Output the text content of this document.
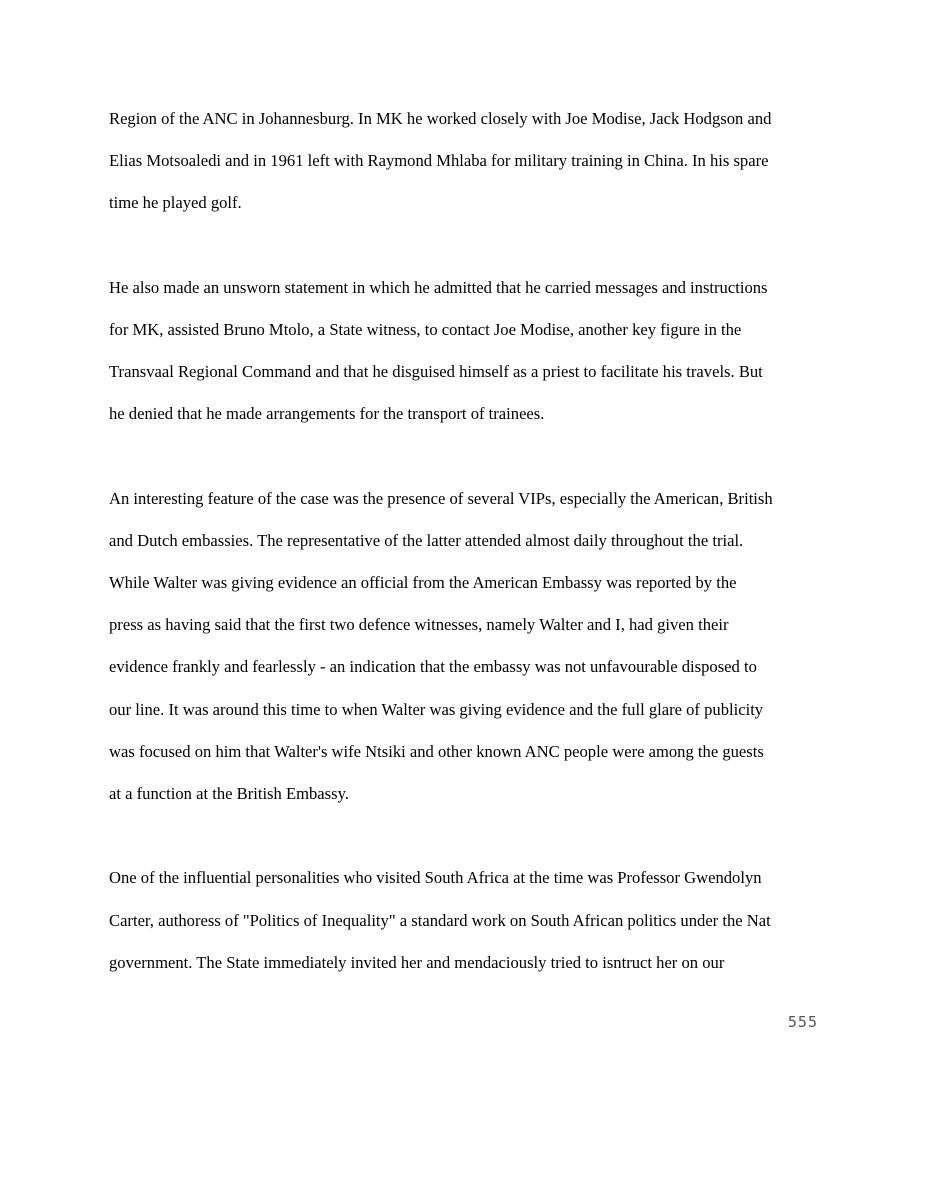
Region of the ANC in Johannesburg. In MK he worked closely with Joe Modise, Jack Hodgson and
Elias Motsoaledi and in 1961 left with Raymond Mhlaba for military training in China. In his spare
time he played golf.

He also made an unsworn statement in which he admitted that he carried messages and instructions
for MK, assisted Bruno Mtolo, a State witness, to contact Joe Modise, another key figure in the
Transvaal Regional Command and that he disguised himself as a priest to facilitate his travels. But
he denied that he made arrangements for the transport of trainees.

An interesting feature of the case was the presence of several VIPs, especially the American, British
and Dutch embassies. The representative of the latter attended almost daily throughout the trial.
While Walter was giving evidence an official from the American Embassy was reported by the
press as having said that the first two defence witnesses, namely Walter and I, had given their
evidence frankly and fearlessly - an indication that the embassy was not unfavourable disposed to
our line. It was around this time to when Walter was giving evidence and the full glare of publicity
was focused on him that Walter's wife Ntsiki and other known ANC people were among the guests
at a function at the British Embassy.

One of the influential personalities who visited South Africa at the time was Professor Gwendolyn
Carter, authoress of "Politics of Inequality" a standard work on South African politics under the Nat
government. The State immediately invited her and mendaciously tried to isntruct her on our

555
